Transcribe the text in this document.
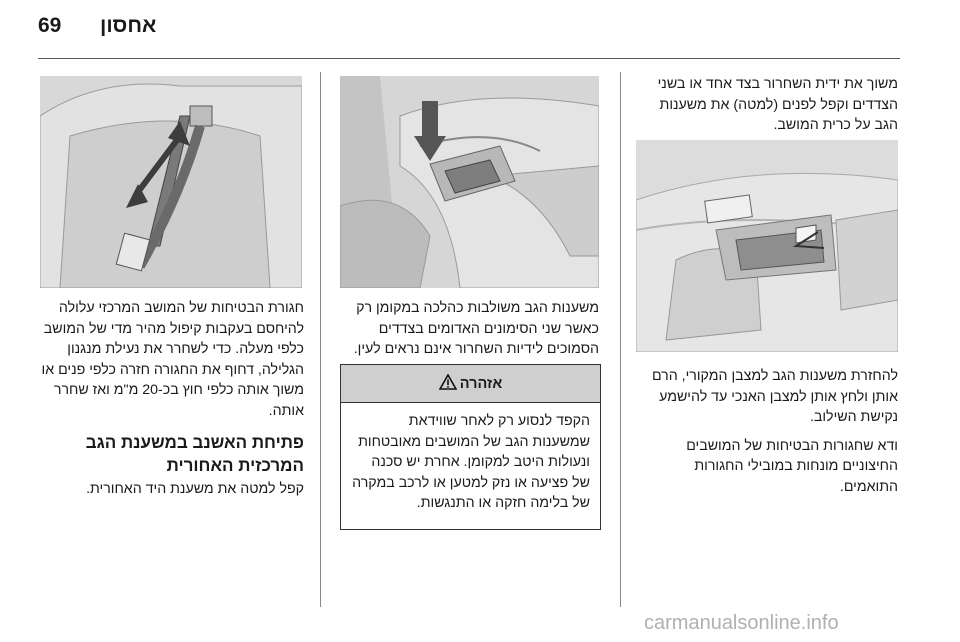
69 אחסון

משוך את ידית השחרור בצד אחד או בשני הצדדים וקפל לפנים (למטה) את משענות הגב על כרית המושב.

להחזרת משענות הגב למצבן המקורי, הרם אותן ולחץ אותן למצבן האנכי עד להישמע נקישת השילוב.

ודא שחגורות הבטיחות של המושבים החיצוניים מונחות במובילי החגורות התואמים.

משענות הגב משולבות כהלכה במקומן רק כאשר שני הסימונים האדומים בצדדים הסמוכים לידיות השחרור אינם נראים לעין.

אזהרה
הקפד לנסוע רק לאחר שווידאת שמשענות הגב של המושבים מאובטחות ונעולות היטב למקומן. אחרת יש סכנה של פציעה או נזק למטען או לרכב במקרה של בלימה חזקה או התנגשות.

חגורת הבטיחות של המושב המרכזי עלולה להיחסם בעקבות קיפול מהיר מדי של המושב כלפי מעלה. כדי לשחרר את נעילת מנגנון הגלילה, דחוף את החגורה חזרה כלפי פנים או משוך אותה כלפי חוץ בכ-20 מ"מ ואז שחרר אותה.

פתיחת האשנב במשענת הגב המרכזית האחורית

קפל למטה את משענת היד האחורית.

carmanualsonline.info
